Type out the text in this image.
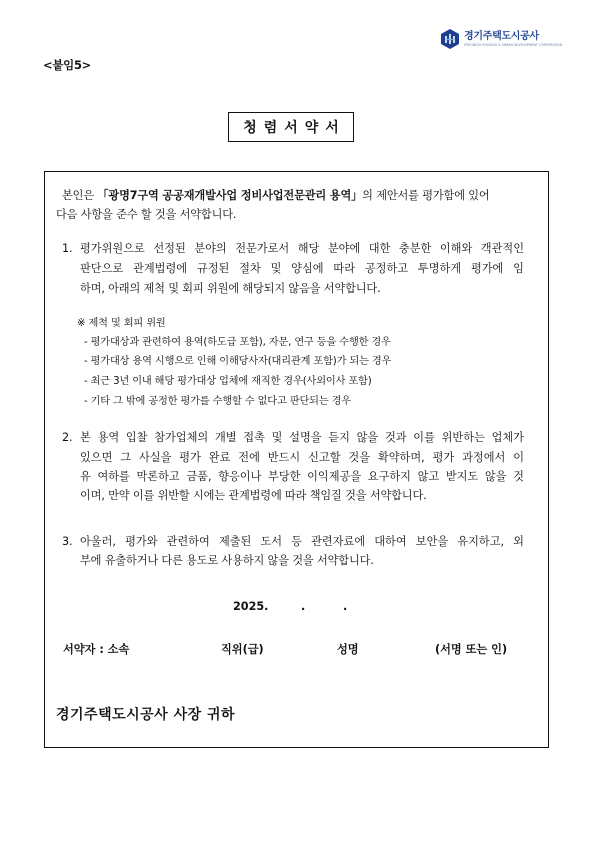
경기주택도시공사
GYEONGGI HOUSING & URBAN DEVELOPMENT CORPORATION
<붙임5>
청렴서약서
본인은 「광명7구역 공공재개발사업 정비사업전문관리 용역」의 제안서를 평가함에 있어
다음 사항을 준수 할 것을 서약합니다.
1. 평가위원으로 선정된 분야의 전문가로서 해당 분야에 대한 충분한 이해와 객관적인
판단으로 관계법령에 규정된 절차 및 양심에 따라 공정하고 투명하게 평가에 임
하며, 아래의 제척 및 회피 위원에 해당되지 않음을 서약합니다.
※ 제척 및 회피 위원
- 평가대상과 관련하여 용역(하도급 포함), 자문, 연구 등을 수행한 경우
- 평가대상 용역 시행으로 인해 이해당사자(대리관계 포함)가 되는 경우
- 최근 3년 이내 해당 평가대상 업체에 재직한 경우(사외이사 포함)
- 기타 그 밖에 공정한 평가를 수행할 수 없다고 판단되는 경우
2. 본 용역 입찰 참가업체의 개별 접촉 및 설명을 듣지 않을 것과 이를 위반하는 업체가
있으면 그 사실을 평가 완료 전에 반드시 신고할 것을 확약하며, 평가 과정에서 이
유 여하를 막론하고 금품, 향응이나 부당한 이익제공을 요구하지 않고 받지도 않을 것
이며, 만약 이를 위반할 시에는 관계법령에 따라 책임질 것을 서약합니다.
3. 아울러, 평가와 관련하여 제출된 도서 등 관련자료에 대하여 보안을 유지하고, 외
부에 유출하거나 다른 용도로 사용하지 않을 것을 서약합니다.
2025.	.	.
서약자 : 소속	직위(급)	성명	(서명 또는 인)
경기주택도시공사 사장 귀하
